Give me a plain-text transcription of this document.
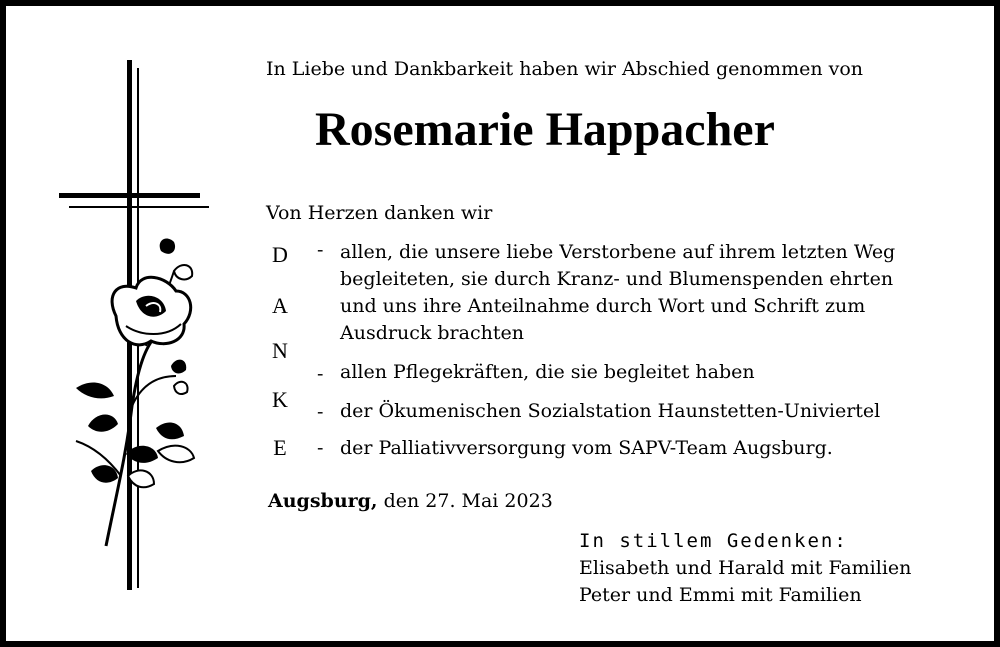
In Liebe und Dankbarkeit haben wir Abschied genommen von
Rosemarie Happacher
Von Herzen danken wir
D
A
N
K
E
-
-
-
-
allen, die unsere liebe Verstorbene auf ihrem letzten Weg
begleiteten, sie durch Kranz- und Blumenspenden ehrten
und uns ihre Anteilnahme durch Wort und Schrift zum
Ausdruck brachten
allen Pflegekräften, die sie begleitet haben
der Ökumenischen Sozialstation Haunstetten-Univiertel
der Palliativversorgung vom SAPV-Team Augsburg.
Augsburg, den 27. Mai 2023
In stillem Gedenken:
Elisabeth und Harald mit Familien
Peter und Emmi mit Familien
